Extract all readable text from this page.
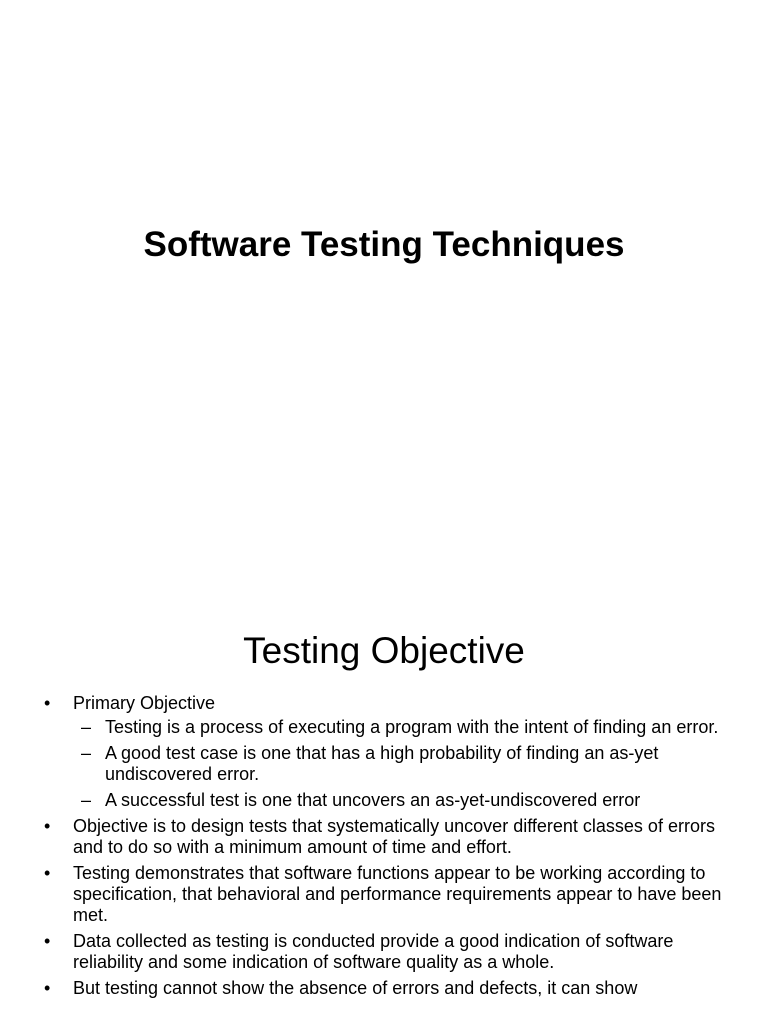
Software Testing Techniques
Testing Objective
• Primary Objective
– Testing is a process of executing a program with the intent of finding an error.
– A good test case is one that has a high probability of finding an as-yet undiscovered error.
– A successful test is one that uncovers an as-yet-undiscovered error
• Objective is to design tests that systematically uncover different classes of errors and to do so with a minimum amount of time and effort.
• Testing demonstrates that software functions appear to be working according to specification, that behavioral and performance requirements appear to have been met.
• Data collected as testing is conducted provide a good indication of software reliability and some indication of software quality as a whole.
• But testing cannot show the absence of errors and defects, it can show
